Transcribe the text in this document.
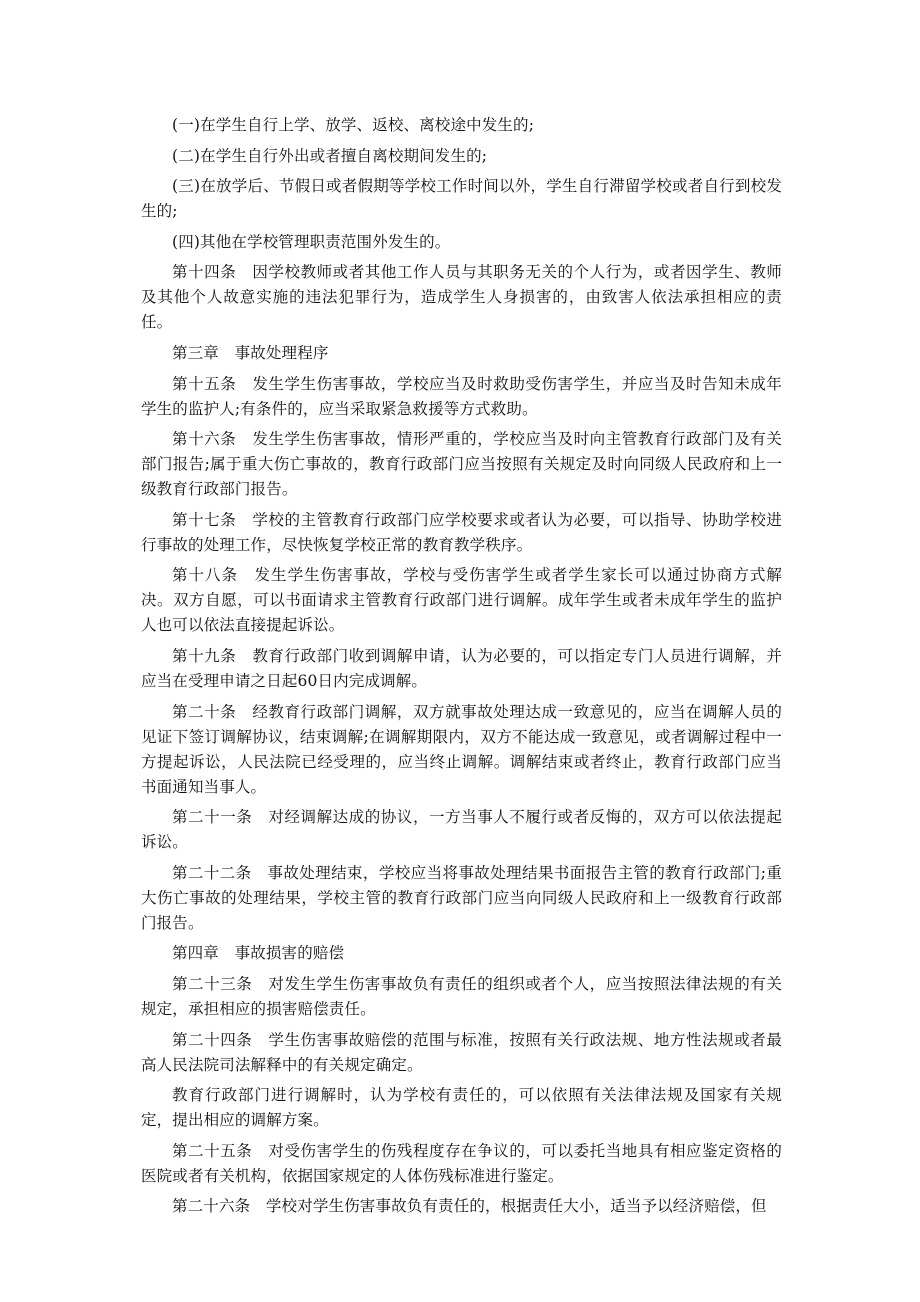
(一)在学生自行上学、放学、返校、离校途中发生的;

(二)在学生自行外出或者擅自离校期间发生的;

(三)在放学后、节假日或者假期等学校工作时间以外，学生自行滞留学校或者自行到校发生的;

(四)其他在学校管理职责范围外发生的。

第十四条　因学校教师或者其他工作人员与其职务无关的个人行为，或者因学生、教师及其他个人故意实施的违法犯罪行为，造成学生人身损害的，由致害人依法承担相应的责任。

第三章　事故处理程序

第十五条　发生学生伤害事故，学校应当及时救助受伤害学生，并应当及时告知未成年学生的监护人;有条件的，应当采取紧急救援等方式救助。

第十六条　发生学生伤害事故，情形严重的，学校应当及时向主管教育行政部门及有关部门报告;属于重大伤亡事故的，教育行政部门应当按照有关规定及时向同级人民政府和上一级教育行政部门报告。

第十七条　学校的主管教育行政部门应学校要求或者认为必要，可以指导、协助学校进行事故的处理工作，尽快恢复学校正常的教育教学秩序。

第十八条　发生学生伤害事故，学校与受伤害学生或者学生家长可以通过协商方式解决。双方自愿，可以书面请求主管教育行政部门进行调解。成年学生或者未成年学生的监护人也可以依法直接提起诉讼。

第十九条　教育行政部门收到调解申请，认为必要的，可以指定专门人员进行调解，并应当在受理申请之日起60日内完成调解。

第二十条　经教育行政部门调解，双方就事故处理达成一致意见的，应当在调解人员的见证下签订调解协议，结束调解;在调解期限内，双方不能达成一致意见，或者调解过程中一方提起诉讼，人民法院已经受理的，应当终止调解。调解结束或者终止，教育行政部门应当书面通知当事人。

第二十一条　对经调解达成的协议，一方当事人不履行或者反悔的，双方可以依法提起诉讼。

第二十二条　事故处理结束，学校应当将事故处理结果书面报告主管的教育行政部门;重大伤亡事故的处理结果，学校主管的教育行政部门应当向同级人民政府和上一级教育行政部门报告。

第四章　事故损害的赔偿

第二十三条　对发生学生伤害事故负有责任的组织或者个人，应当按照法律法规的有关规定，承担相应的损害赔偿责任。

第二十四条　学生伤害事故赔偿的范围与标准，按照有关行政法规、地方性法规或者最高人民法院司法解释中的有关规定确定。

教育行政部门进行调解时，认为学校有责任的，可以依照有关法律法规及国家有关规定，提出相应的调解方案。

第二十五条　对受伤害学生的伤残程度存在争议的，可以委托当地具有相应鉴定资格的医院或者有关机构，依据国家规定的人体伤残标准进行鉴定。

第二十六条　学校对学生伤害事故负有责任的，根据责任大小，适当予以经济赔偿，但
